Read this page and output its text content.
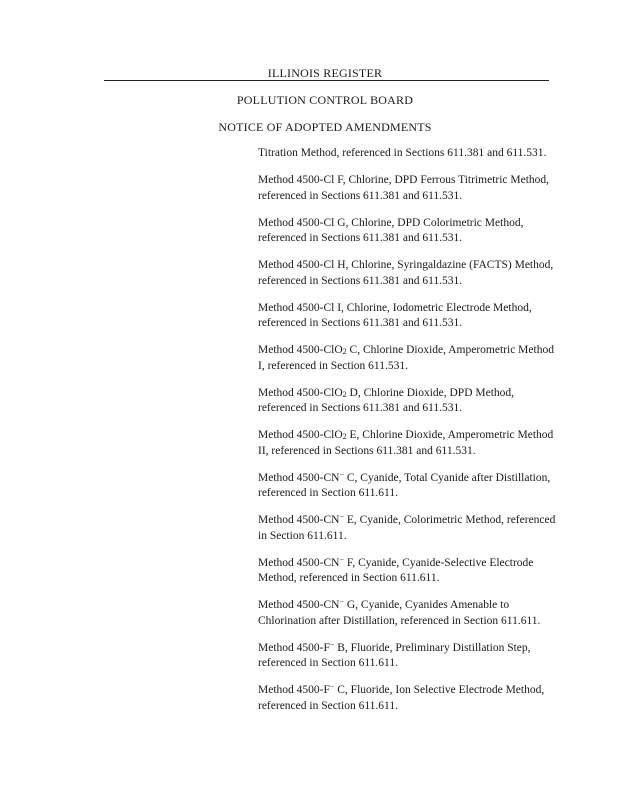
ILLINOIS REGISTER
POLLUTION CONTROL BOARD
NOTICE OF ADOPTED AMENDMENTS
Titration Method, referenced in Sections 611.381 and 611.531.
Method 4500-Cl F, Chlorine, DPD Ferrous Titrimetric Method, referenced in Sections 611.381 and 611.531.
Method 4500-Cl G, Chlorine, DPD Colorimetric Method, referenced in Sections 611.381 and 611.531.
Method 4500-Cl H, Chlorine, Syringaldazine (FACTS) Method, referenced in Sections 611.381 and 611.531.
Method 4500-Cl I, Chlorine, Iodometric Electrode Method, referenced in Sections 611.381 and 611.531.
Method 4500-ClO$_2$ C, Chlorine Dioxide, Amperometric Method I, referenced in Section 611.531.
Method 4500-ClO$_2$ D, Chlorine Dioxide, DPD Method, referenced in Sections 611.381 and 611.531.
Method 4500-ClO$_2$ E, Chlorine Dioxide, Amperometric Method II, referenced in Sections 611.381 and 611.531.
Method 4500-CN− C, Cyanide, Total Cyanide after Distillation, referenced in Section 611.611.
Method 4500-CN− E, Cyanide, Colorimetric Method, referenced in Section 611.611.
Method 4500-CN− F, Cyanide, Cyanide-Selective Electrode Method, referenced in Section 611.611.
Method 4500-CN− G, Cyanide, Cyanides Amenable to Chlorination after Distillation, referenced in Section 611.611.
Method 4500-F− B, Fluoride, Preliminary Distillation Step, referenced in Section 611.611.
Method 4500-F− C, Fluoride, Ion Selective Electrode Method, referenced in Section 611.611.
